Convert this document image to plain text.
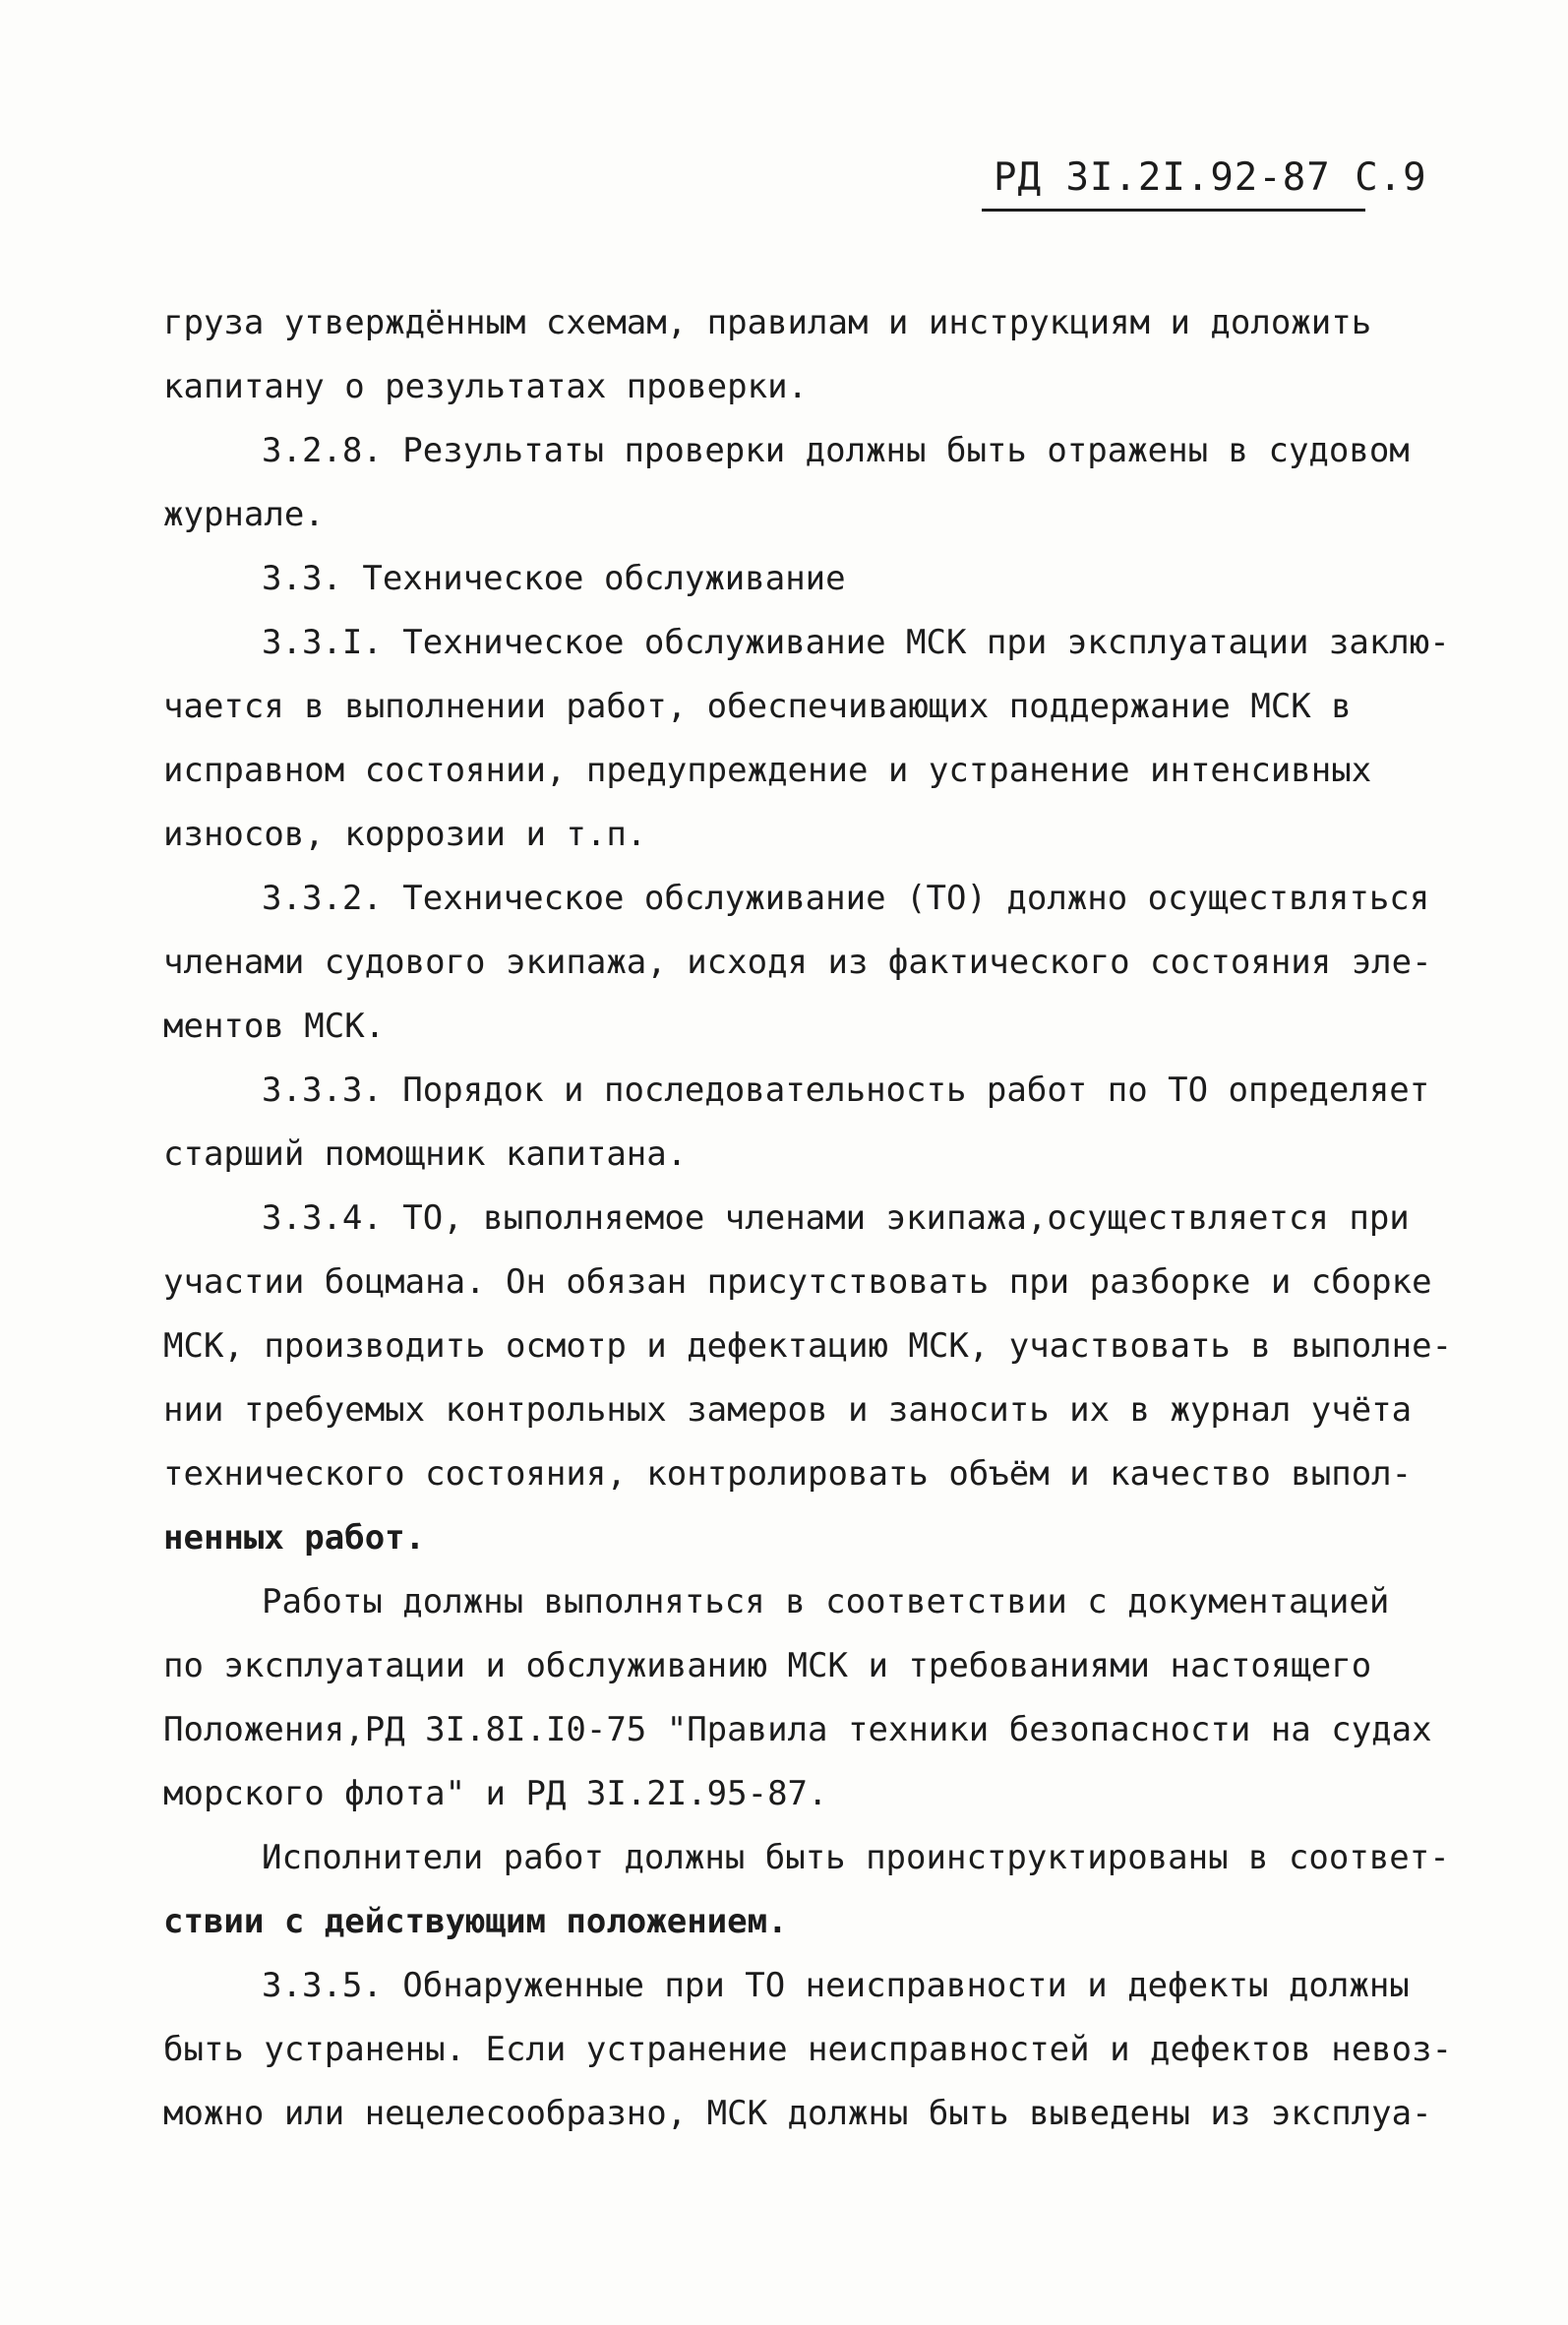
РД 3I.2I.92-87 С.9
груза утверждённым схемам, правилам и инструкциям и доложить
капитану о результатах проверки.
3.2.8. Результаты проверки должны быть отражены в судовом
журнале.
3.3. Техническое обслуживание
3.3.I. Техническое обслуживание МСК при эксплуатации заклю-
чается в выполнении работ, обеспечивающих поддержание МСК в
исправном состоянии, предупреждение и устранение интенсивных
износов, коррозии и т.п.
3.3.2. Техническое обслуживание (ТО) должно осуществляться
членами судового экипажа, исходя из фактического состояния эле-
ментов МСК.
3.3.3. Порядок и последовательность работ по ТО определяет
старший помощник капитана.
3.3.4. ТО, выполняемое членами экипажа,осуществляется при
участии боцмана. Он обязан присутствовать при разборке и сборке
МСК, производить осмотр и дефектацию МСК, участвовать в выполне-
нии требуемых контрольных замеров и заносить их в журнал учёта
технического состояния, контролировать объём и качество выпол-
ненных работ.
Работы должны выполняться в соответствии с документацией
по эксплуатации и обслуживанию МСК и требованиями настоящего
Положения,РД 3I.8I.I0-75 "Правила техники безопасности на судах
морского флота" и РД 3I.2I.95-87.
Исполнители работ должны быть проинструктированы в соответ-
ствии с действующим положением.
3.3.5. Обнаруженные при ТО неисправности и дефекты должны
быть устранены. Если устранение неисправностей и дефектов невоз-
можно или нецелесообразно, МСК должны быть выведены из эксплуа-
